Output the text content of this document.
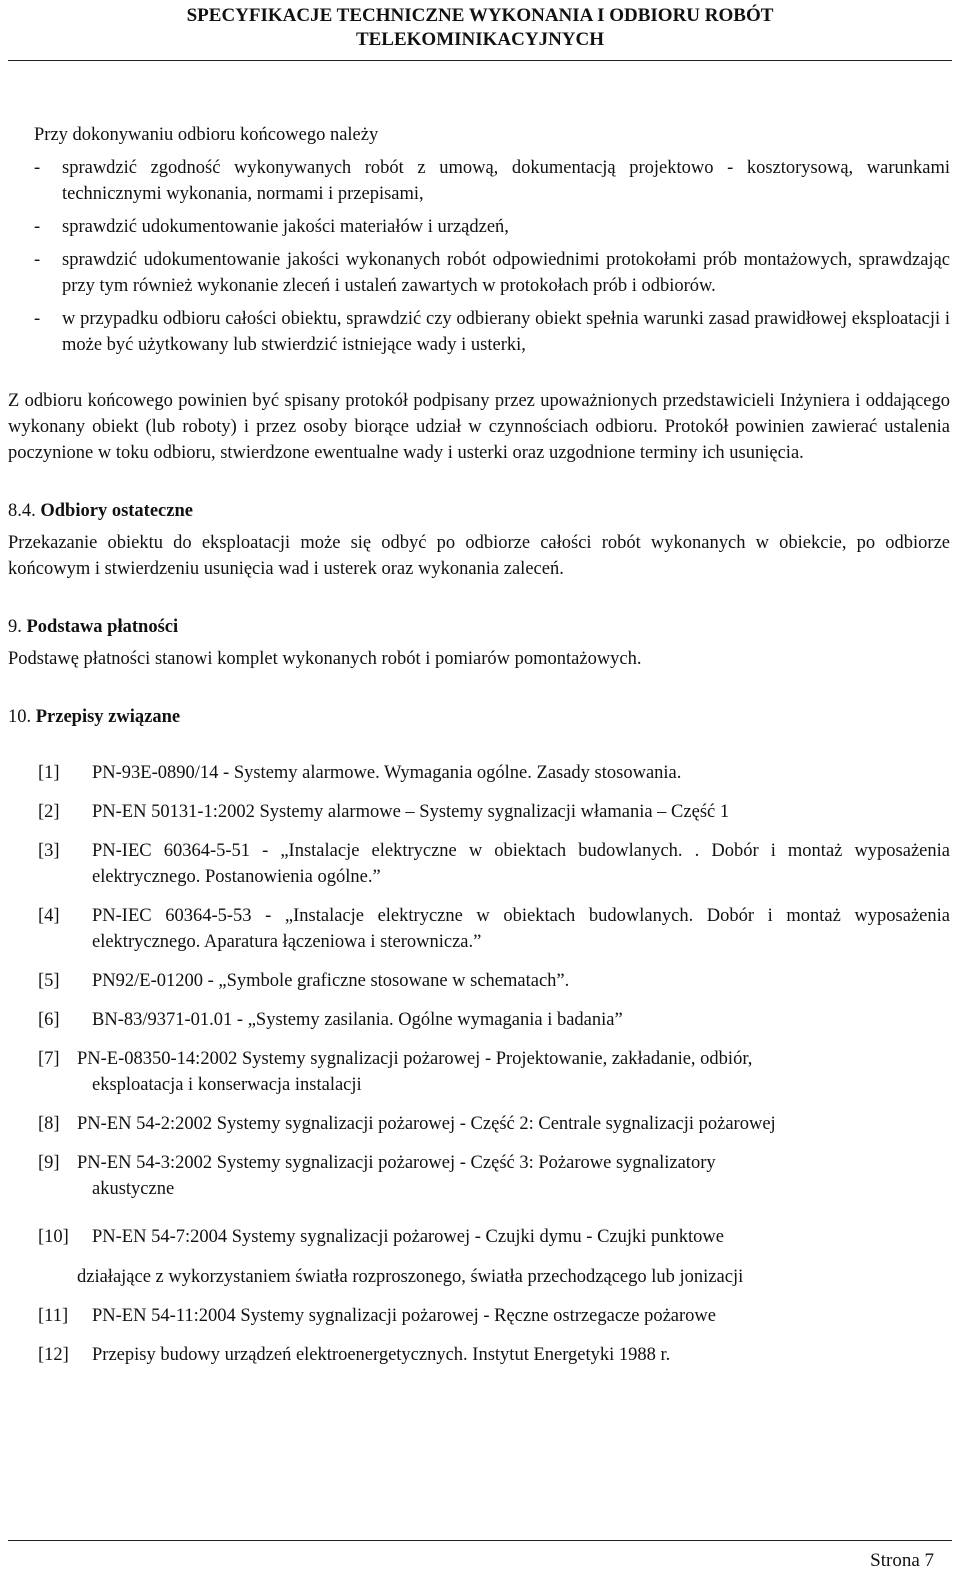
SPECYFIKACJE TECHNICZNE WYKONANIA I ODBIORU ROBÓT
TELEKOMINIKACYJNYCH

Przy dokonywaniu odbioru końcowego należy

-	sprawdzić zgodność wykonywanych robót z umową, dokumentacją projektowo - kosztorysową, warunkami technicznymi wykonania, normami i przepisami,
-	sprawdzić udokumentowanie jakości materiałów i urządzeń,
-	sprawdzić udokumentowanie jakości wykonanych robót odpowiednimi protokołami prób montażowych, sprawdzając przy tym również wykonanie zleceń i ustaleń zawartych w protokołach prób i odbiorów.
-	w przypadku odbioru całości obiektu, sprawdzić czy odbierany obiekt spełnia warunki zasad prawidłowej eksploatacji i może być użytkowany lub stwierdzić istniejące wady i usterki,

Z odbioru końcowego powinien być spisany protokół podpisany przez upoważnionych przedstawicieli Inżyniera i oddającego wykonany obiekt (lub roboty) i przez osoby biorące udział w czynnościach odbioru. Protokół powinien zawierać ustalenia poczynione w toku odbioru, stwierdzone ewentualne wady i usterki oraz uzgodnione terminy ich usunięcia.

8.4. Odbiory ostateczne

Przekazanie obiektu do eksploatacji może się odbyć po odbiorze całości robót wykonanych w obiekcie, po odbiorze końcowym i stwierdzeniu usunięcia wad i usterek oraz wykonania zaleceń.

9. Podstawa płatności

Podstawę płatności stanowi komplet wykonanych robót i pomiarów pomontażowych.

10. Przepisy związane
[1]	PN-93E-0890/14 - Systemy alarmowe. Wymagania ogólne. Zasady stosowania.
[2]	PN-EN 50131-1:2002 Systemy alarmowe – Systemy sygnalizacji włamania – Część 1
[3]	PN-IEC 60364-5-51 - „Instalacje elektryczne w obiektach budowlanych. . Dobór i montaż wyposażenia elektrycznego. Postanowienia ogólne.”
[4]	PN-IEC 60364-5-53 - „Instalacje elektryczne w obiektach budowlanych. Dobór i montaż wyposażenia elektrycznego. Aparatura łączeniowa i sterownicza.”
[5]	PN92/E-01200 - „Symbole graficzne stosowane w schematach”.
[6]	BN-83/9371-01.01 - „Systemy zasilania. Ogólne wymagania i badania”
[7] PN-E-08350-14:2002 Systemy sygnalizacji pożarowej - Projektowanie, zakładanie, odbiór,
eksploatacja i konserwacja instalacji
[8] PN-EN 54-2:2002 Systemy sygnalizacji pożarowej - Część 2: Centrale sygnalizacji pożarowej
[9] PN-EN 54-3:2002 Systemy sygnalizacji pożarowej - Część 3: Pożarowe sygnalizatory
akustyczne
[10]	PN-EN 54-7:2004 Systemy sygnalizacji pożarowej - Czujki dymu - Czujki punktowe
działające z wykorzystaniem światła rozproszonego, światła przechodzącego lub jonizacji
[11]	PN-EN 54-11:2004 Systemy sygnalizacji pożarowej - Ręczne ostrzegacze pożarowe
[12]	Przepisy budowy urządzeń elektroenergetycznych. Instytut Energetyki 1988 r.
Strona 7
